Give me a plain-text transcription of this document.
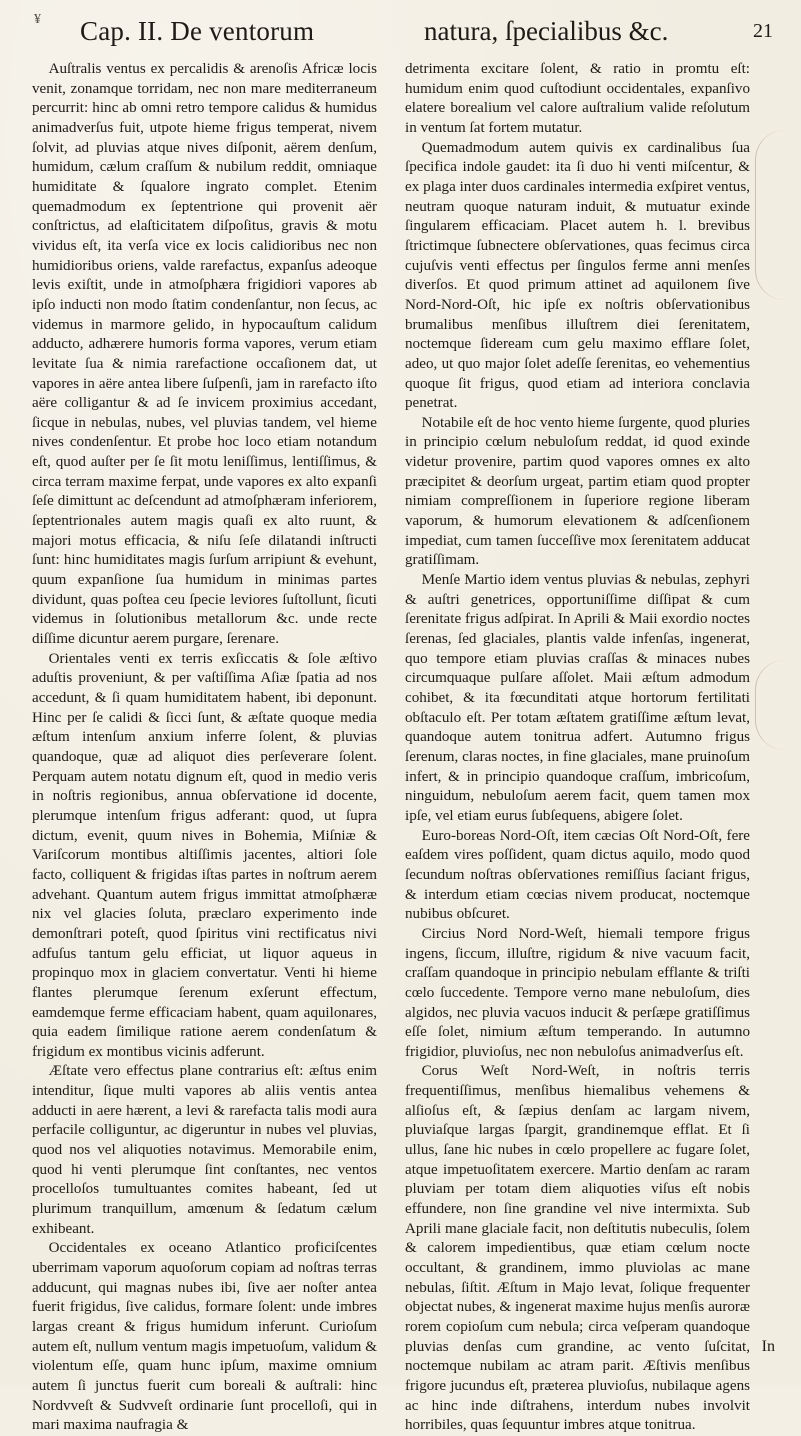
¥ Cap. II. De ventorum	natura, ſpecialibus &c.	21

Auſtralis ventus ex percalidis & arenoſis Africæ locis venit, zonamque torridam, nec non mare mediterraneum percurrit: hinc ab omni retro tempore calidus & humidus animadverſus fuit, utpote hieme frigus temperat, nivem ſolvit, ad pluvias atque nives diſponit, aërem denſum, humidum, cælum craſſum & nubilum reddit, omniaque humiditate & ſqualore ingrato complet. Etenim quemadmodum ex ſeptentrione qui provenit aër conſtrictus, ad elaſticitatem diſpoſitus, gravis & motu vividus eſt, ita verſa vice ex locis calidioribus nec non humidioribus oriens, valde rarefactus, expanſus adeoque levis exiſtit, unde in atmoſphæra frigidiori vapores ab ipſo inducti non modo ſtatim condenſantur, non ſecus, ac videmus in marmore gelido, in hypocauſtum calidum adducto, adhærere humoris forma vapores, verum etiam levitate ſua & nimia rarefactione occaſionem dat, ut vapores in aëre antea libere ſuſpenſi, jam in rarefacto iſto aëre colligantur & ad ſe invicem proximius accedant, ſicque in nebulas, nubes, vel pluvias tandem, vel hieme nives condenſentur. Et probe hoc loco etiam notandum eſt, quod auſter per ſe ſit motu leniſſimus, lentiſſimus, & circa terram maxime ferpat, unde vapores ex alto expanſi ſeſe dimittunt ac deſcendunt ad atmoſphæram inferiorem, ſeptentrionales autem magis quaſi ex alto ruunt, & majori motus efficacia, & niſu ſeſe dilatandi inſtructi ſunt: hinc humiditates magis ſurſum arripiunt & evehunt, quum expanſione ſua humidum in minimas partes dividunt, quas poſtea ceu ſpecie leviores ſuſtollunt, ſicuti videmus in ſolutionibus metallorum &c. unde recte diſſime dicuntur aerem purgare, ſerenare.

Orientales venti ex terris exſiccatis & ſole æſtivo aduſtis proveniunt, & per vaſtiſſima Aſiæ ſpatia ad nos accedunt, & ſi quam humiditatem habent, ibi deponunt. Hinc per ſe calidi & ſicci ſunt, & æſtate quoque media æſtum intenſum anxium inferre ſolent, & pluvias quandoque, quæ ad aliquot dies perſeverare ſolent. Perquam autem notatu dignum eſt, quod in medio veris in noſtris regionibus, annua obſervatione id docente, plerumque intenſum frigus adferant: quod, ut ſupra dictum, evenit, quum nives in Bohemia, Miſniæ & Variſcorum montibus altiſſimis jacentes, altiori ſole facto, colliquent & frigidas iſtas partes in noſtrum aerem advehant. Quantum autem frigus immittat atmoſphæræ nix vel glacies ſoluta, præclaro experimento inde demonſtrari poteſt, quod ſpiritus vini rectificatus nivi adfuſus tantum gelu efficiat, ut liquor aqueus in propinquo mox in glaciem convertatur. Venti hi hieme flantes plerumque ſerenum exſerunt effectum, eamdemque ferme efficaciam habent, quam aquilonares, quia eadem ſimilique ratione aerem condenſatum & frigidum ex montibus vicinis adferunt.

Æſtate vero effectus plane contrarius eſt: æſtus enim intenditur, ſique multi vapores ab aliis ventis antea adducti in aere hærent, a levi & rarefacta talis modi aura perfacile colliguntur, ac digeruntur in nubes vel pluvias, quod nos vel aliquoties notavimus. Memorabile enim, quod hi venti plerumque ſint conſtantes, nec ventos procelloſos tumultuantes comites habeant, ſed ut plurimum tranquillum, amœnum & ſedatum cælum exhibeant.

Occidentales ex oceano Atlantico proficiſcentes uberrimam vaporum aquoſorum copiam ad noſtras terras adducunt, qui magnas nubes ibi, ſive aer noſter antea fuerit frigidus, ſive calidus, formare ſolent: unde imbres largas creant & frigus humidum inferunt. Curioſum autem eſt, nullum ventum magis impetuoſum, validum & violentum eſſe, quam hunc ipſum, maxime omnium autem ſi junctus fuerit cum boreali & auſtrali: hinc Nordvveſt & Sudvveſt ordinarie ſunt procelloſi, qui in mari maxima naufragia &

detrimenta excitare ſolent, & ratio in promtu eſt: humidum enim quod cuſtodiunt occidentales, expanſivo elatere borealium vel calore auſtralium valide reſolutum in ventum ſat fortem mutatur.

Quemadmodum autem quivis ex cardinalibus ſua ſpecifica indole gaudet: ita ſi duo hi venti miſcentur, & ex plaga inter duos cardinales intermedia exſpiret ventus, neutram quoque naturam induit, & mutuatur exinde ſingularem efficaciam. Placet autem h. l. brevibus ſtrictimque ſubnectere obſervationes, quas fecimus circa cujuſvis venti effectus per ſingulos ferme anni menſes diverſos. Et quod primum attinet ad aquilonem ſive Nord-Nord-Oſt, hic ipſe ex noſtris obſervationibus brumalibus menſibus illuſtrem diei ſerenitatem, noctemque ſideream cum gelu maximo efflare ſolet, adeo, ut quo major ſolet adeſſe ſerenitas, eo vehementius quoque ſit frigus, quod etiam ad interiora conclavia penetrat.

Notabile eſt de hoc vento hieme ſurgente, quod pluries in principio cœlum nebuloſum reddat, id quod exinde videtur provenire, partim quod vapores omnes ex alto præcipitet & deorſum urgeat, partim etiam quod propter nimiam compreſſionem in ſuperiore regione liberam vaporum, & humorum elevationem & adſcenſionem impediat, cum tamen ſucceſſive mox ſerenitatem adducat gratiſſimam.

Menſe Martio idem ventus pluvias & nebulas, zephyri & auſtri genetrices, opportuniſſime diſſipat & cum ſerenitate frigus adſpirat. In Aprili & Maii exordio noctes ſerenas, ſed glaciales, plantis valde infenſas, ingenerat, quo tempore etiam pluvias craſſas & minaces nubes circumquaque pulſare aſſolet. Maii æſtum admodum cohibet, & ita fœcunditati atque hortorum fertilitati obſtaculo eſt. Per totam æſtatem gratiſſime æſtum levat, quandoque autem tonitrua adfert. Autumno frigus ſerenum, claras noctes, in fine glaciales, mane pruinoſum infert, & in principio quandoque craſſum, imbricoſum, ninguidum, nebuloſum aerem facit, quem tamen mox ipſe, vel etiam eurus ſubſequens, abigere ſolet.

Euro-boreas Nord-Oſt, item cæcias Oſt Nord-Oſt, fere eaſdem vires poſſident, quam dictus aquilo, modo quod ſecundum noſtras obſervationes remiſſius ſaciant frigus, & interdum etiam cœcias nivem producat, noctemque nubibus obſcuret.

Circius Nord Nord-Weſt, hiemali tempore frigus ingens, ſiccum, illuſtre, rigidum & nive vacuum facit, craſſam quandoque in principio nebulam efflante & triſti cœlo ſuccedente. Tempore verno mane nebuloſum, dies algidos, nec pluvia vacuos inducit & perſæpe gratiſſimus eſſe ſolet, nimium æſtum temperando. In autumno frigidior, pluvioſus, nec non nebuloſus animadverſus eſt.

Corus Weſt Nord-Weſt, in noſtris terris frequentiſſimus, menſibus hiemalibus vehemens & alſioſus eſt, & ſæpius denſam ac largam nivem, pluviaſque largas ſpargit, grandinemque efflat. Et ſi ullus, ſane hic nubes in cœlo propellere ac fugare ſolet, atque impetuoſitatem exercere. Martio denſam ac raram pluviam per totam diem aliquoties viſus eſt nobis effundere, non ſine grandine vel nive intermixta. Sub Aprili mane glaciale facit, non deſtitutis nubeculis, ſolem & calorem impedientibus, quæ etiam cœlum nocte occultant, & grandinem, immo pluviolas ac mane nebulas, ſiſtit. Æſtum in Majo levat, ſolique frequenter objectat nubes, & ingenerat maxime hujus menſis auroræ rorem copioſum cum nebula; circa veſperam quandoque pluvias denſas cum grandine, ac vento ſuſcitat, noctemque nubilam ac atram parit. Æſtivis menſibus frigore jucundus eſt, præterea pluvioſus, nubilaque agens ac hinc inde diſtrahens, interdum nubes involvit horribiles, quas ſequuntur imbres atque tonitrua.

In
